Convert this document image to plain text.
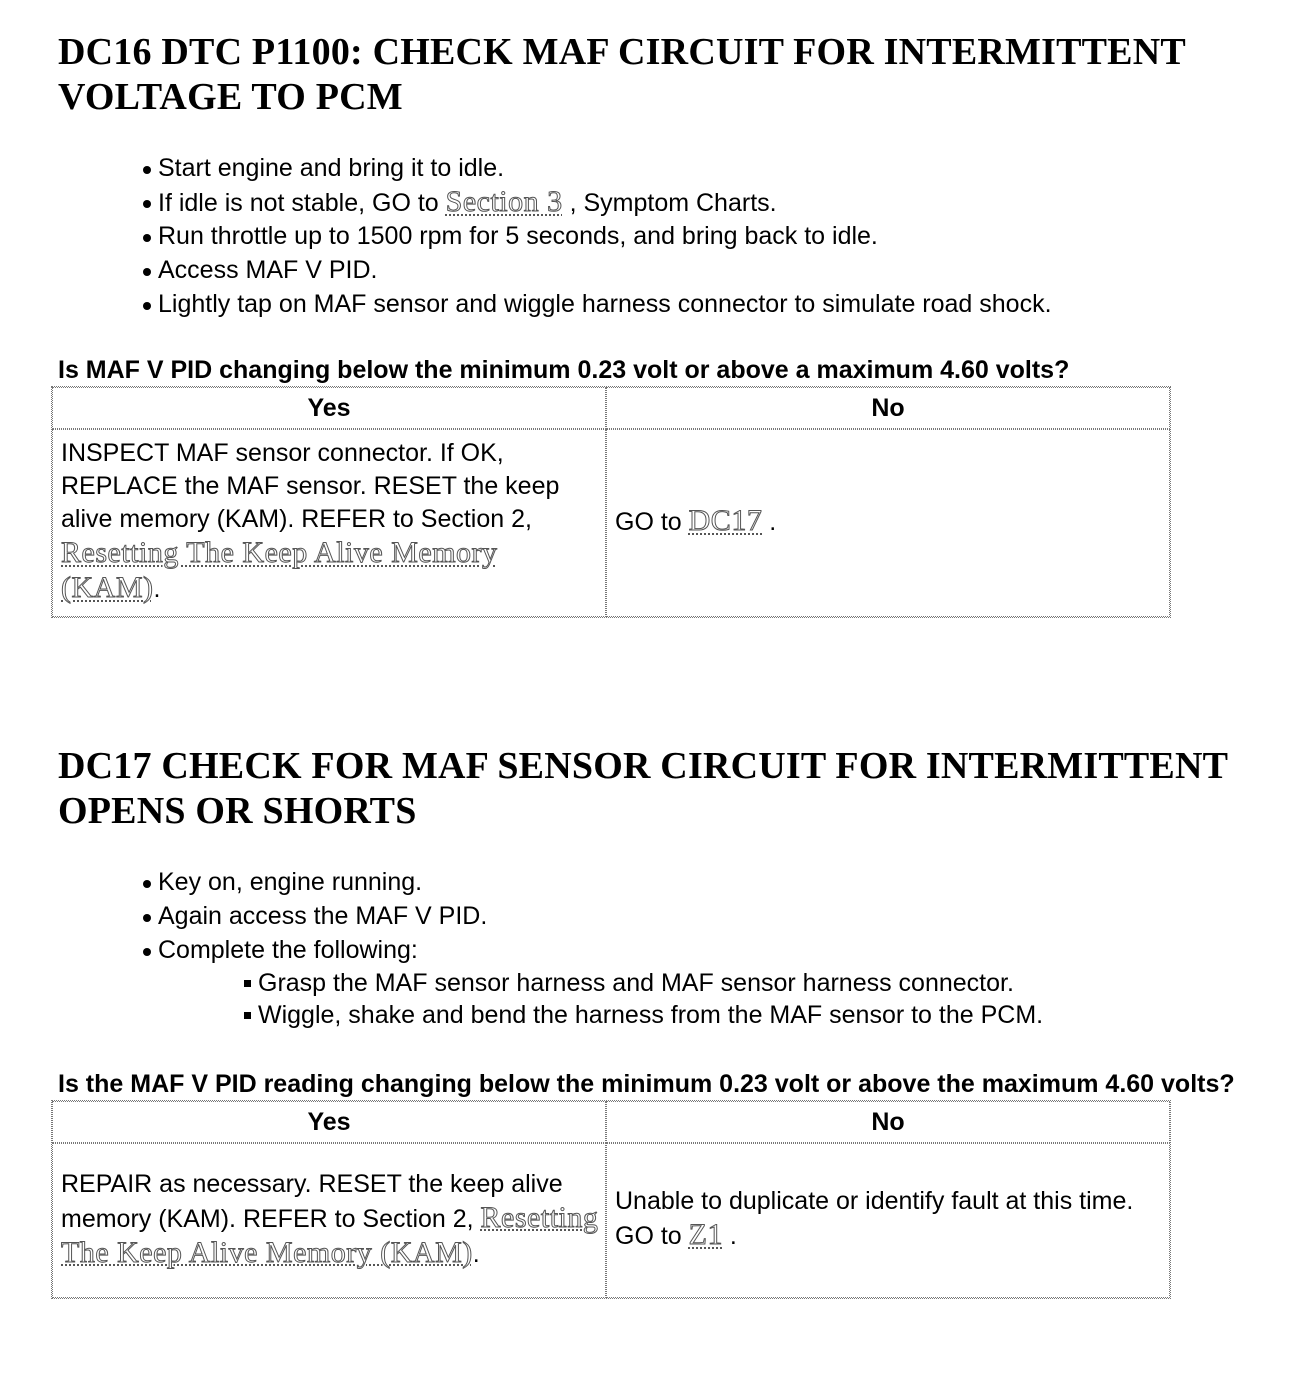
DC16 DTC P1100: CHECK MAF CIRCUIT FOR INTERMITTENT VOLTAGE TO PCM
Start engine and bring it to idle.
If idle is not stable, GO to Section 3 , Symptom Charts.
Run throttle up to 1500 rpm for 5 seconds, and bring back to idle.
Access MAF V PID.
Lightly tap on MAF sensor and wiggle harness connector to simulate road shock.

Is MAF V PID changing below the minimum 0.23 volt or above a maximum 4.60 volts?

Yes	No
INSPECT MAF sensor connector. If OK, REPLACE the MAF sensor. RESET the keep alive memory (KAM). REFER to Section 2, Resetting The Keep Alive Memory (KAM).	GO to DC17 .
DC17 CHECK FOR MAF SENSOR CIRCUIT FOR INTERMITTENT OPENS OR SHORTS
Key on, engine running.
Again access the MAF V PID.
Complete the following:
Grasp the MAF sensor harness and MAF sensor harness connector.
Wiggle, shake and bend the harness from the MAF sensor to the PCM.

Is the MAF V PID reading changing below the minimum 0.23 volt or above the maximum 4.60 volts?

Yes	No
REPAIR as necessary. RESET the keep alive memory (KAM). REFER to Section 2, Resetting The Keep Alive Memory (KAM).	Unable to duplicate or identify fault at this time. GO to Z1 .
